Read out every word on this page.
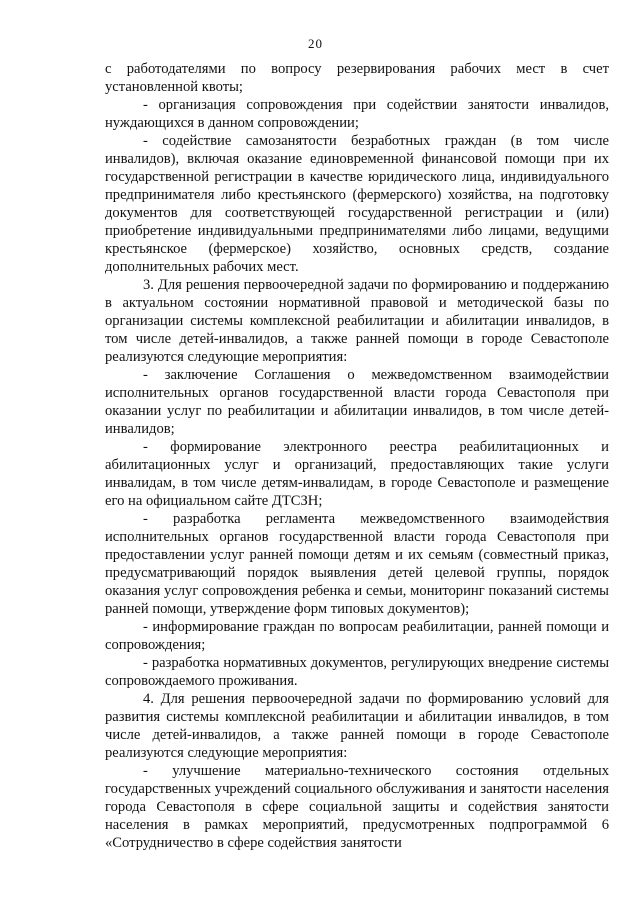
20

с работодателями по вопросу резервирования рабочих мест в счет установленной квоты;

- организация сопровождения при содействии занятости инвалидов, нуждающихся в данном сопровождении;

- содействие самозанятости безработных граждан (в том числе инвалидов), включая оказание единовременной финансовой помощи при их государственной регистрации в качестве юридического лица, индивидуального предпринимателя либо крестьянского (фермерского) хозяйства, на подготовку документов для соответствующей государственной регистрации и (или) приобретение индивидуальными предпринимателями либо лицами, ведущими крестьянское (фермерское) хозяйство, основных средств, создание дополнительных рабочих мест.

3. Для решения первоочередной задачи по формированию и поддержанию в актуальном состоянии нормативной правовой и методической базы по организации системы комплексной реабилитации и абилитации инвалидов, в том числе детей-инвалидов, а также ранней помощи в городе Севастополе реализуются следующие мероприятия:

- заключение Соглашения о межведомственном взаимодействии исполнительных органов государственной власти города Севастополя при оказании услуг по реабилитации и абилитации инвалидов, в том числе детей-инвалидов;

- формирование электронного реестра реабилитационных и абилитационных услуг и организаций, предоставляющих такие услуги инвалидам, в том числе детям-инвалидам, в городе Севастополе и размещение его на официальном сайте ДТСЗН;

- разработка регламента межведомственного взаимодействия исполнительных органов государственной власти города Севастополя при предоставлении услуг ранней помощи детям и их семьям (совместный приказ, предусматривающий порядок выявления детей целевой группы, порядок оказания услуг сопровождения ребенка и семьи, мониторинг показаний системы ранней помощи, утверждение форм типовых документов);

- информирование граждан по вопросам реабилитации, ранней помощи и сопровождения;

- разработка нормативных документов, регулирующих внедрение системы сопровождаемого проживания.

4. Для решения первоочередной задачи по формированию условий для развития системы комплексной реабилитации и абилитации инвалидов, в том числе детей-инвалидов, а также ранней помощи в городе Севастополе реализуются следующие мероприятия:

- улучшение материально-технического состояния отдельных государственных учреждений социального обслуживания и занятости населения города Севастополя в сфере социальной защиты и содействия занятости населения в рамках мероприятий, предусмотренных подпрограммой 6 «Сотрудничество в сфере содействия занятости
